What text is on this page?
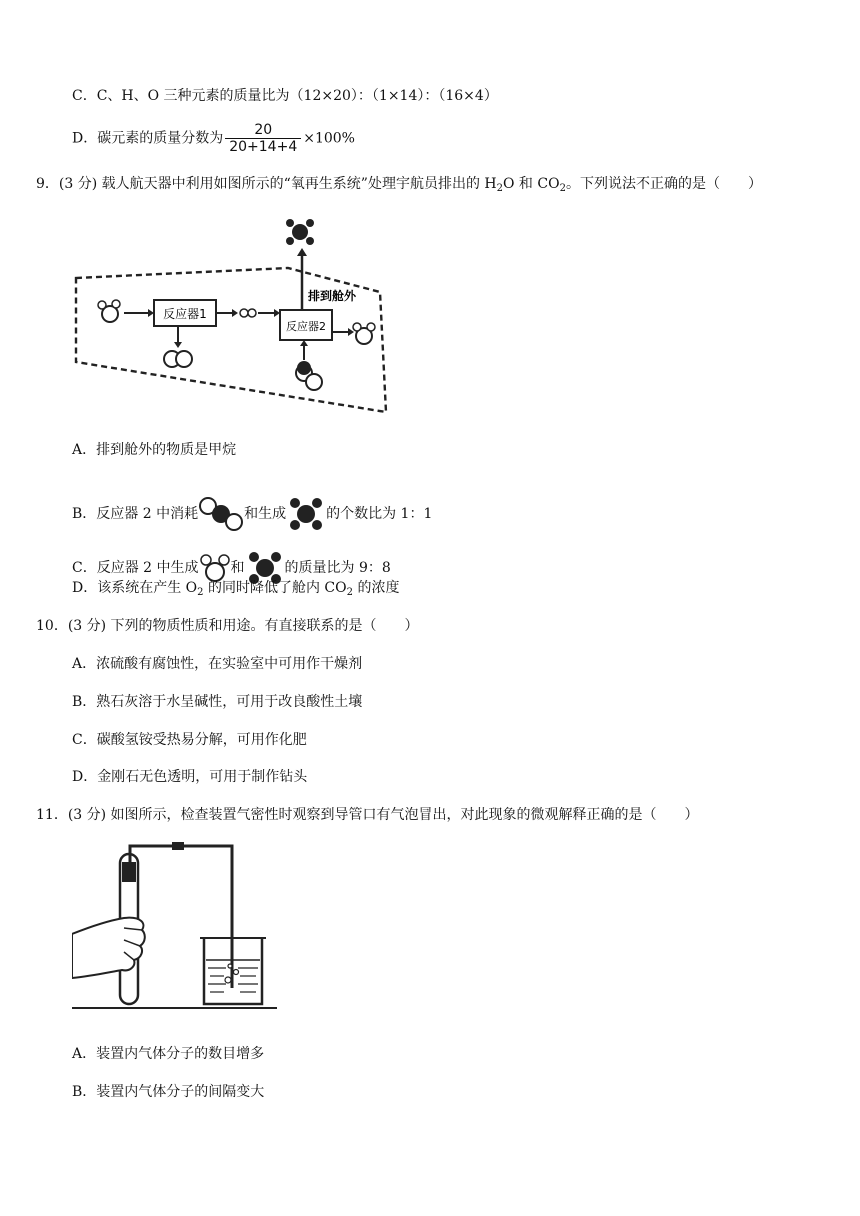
C．C、H、O 三种元素的质量比为（12×20）：（1×14）：（16×4）
D．碳元素的质量分数为 $\frac{20}{20+14+4} \times 100\%$
9．(3 分) 载人航天器中利用如图所示的“氧再生系统”处理宇航员排出的 $H_2O$ 和 $CO_2$。下列说法不正确的是（　　）
反应器1
反应器2
排到舱外
A．排到舱外的物质是甲烷
B．反应器 2 中消耗	和生成	的个数比为 1：1
C．反应器 2 中生成 和	的质量比为 9：8
D．该系统在产生 $O_2$ 的同时降低了舱内 $CO_2$ 的浓度
10．(3 分) 下列的物质性质和用途。有直接联系的是（　　）
A．浓硫酸有腐蚀性，在实验室中可用作干燥剂
B．熟石灰溶于水呈碱性，可用于改良酸性土壤
C．碳酸氢铵受热易分解，可用作化肥
D．金刚石无色透明，可用于制作钻头
11．(3 分) 如图所示，检查装置气密性时观察到导管口有气泡冒出，对此现象的微观解释正确的是（　　）
A．装置内气体分子的数目增多
B．装置内气体分子的间隔变大
